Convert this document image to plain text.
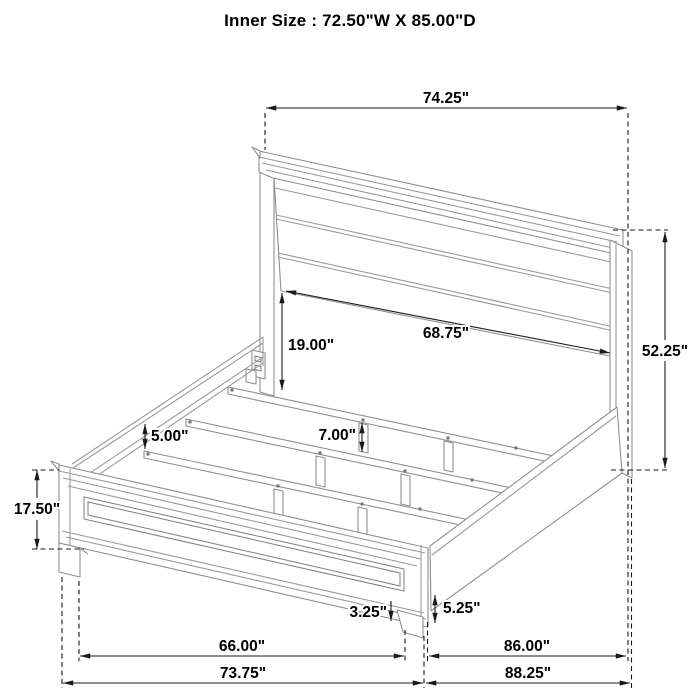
Inner Size : 72.50"W X 85.00"D
74.25"
68.75"
19.00"	52.25"
5.00"	7.00"
17.50"
3.25"	5.25"
66.00"	86.00"
73.75"	88.25"
